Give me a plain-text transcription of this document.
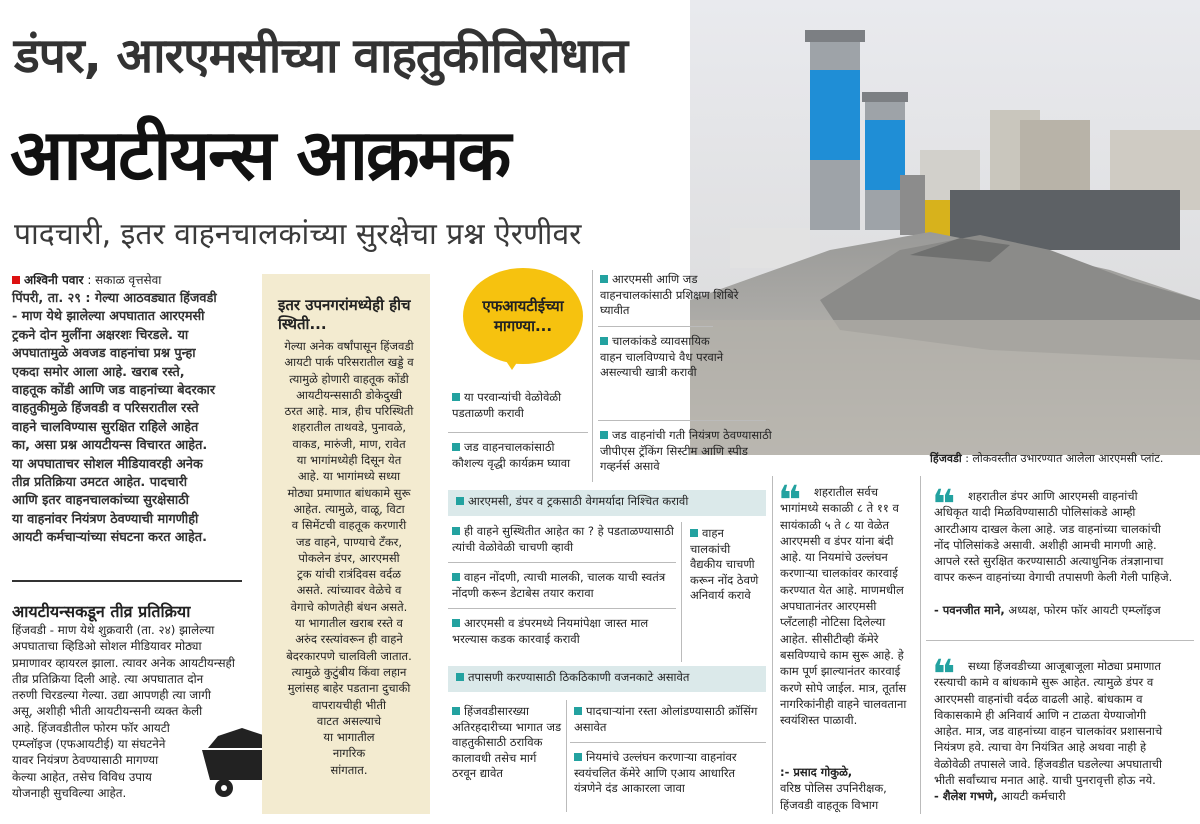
डंपर, आरएमसीच्या वाहतुकीविरोधात
आयटीयन्स आक्रमक
पादचारी, इतर वाहनचालकांच्या सुरक्षेचा प्रश्न ऐरणीवर
हिंजवडी : लोकवस्तीत उभारण्यात आलेला आरएमसी प्लांट.
अश्विनी पवार : सकाळ वृत्तसेवा
पिंपरी, ता. २९ : गेल्या आठवड्यात हिंजवडी
- माण येथे झालेल्या अपघातात आरएमसी
ट्रकने दोन मुलींना अक्षरशः चिरडले. या
अपघातामुळे अवजड वाहनांचा प्रश्न पुन्हा
एकदा समोर आला आहे. खराब रस्ते,
वाहतूक कोंडी आणि जड वाहनांच्या बेदरकार
वाहतुकीमुळे हिंजवडी व परिसरातील रस्ते
वाहने चालविण्यास सुरक्षित राहिले आहेत
का, असा प्रश्न आयटीयन्स विचारत आहेत.
या अपघाताचर सोशल मीडियावरही अनेक
तीव्र प्रतिक्रिया उमटत आहेत. पादचारी
आणि इतर वाहनचालकांच्या सुरक्षेसाठी
या वाहनांवर नियंत्रण ठेवण्याची मागणीही
आयटी कर्मचाऱ्यांच्या संघटना करत आहेत.
आयटीयन्सकडून तीव्र प्रतिक्रिया
हिंजवडी - माण येथे शुक्रवारी (ता. २४) झालेल्या
अपघाताचा व्हिडिओ सोशल मीडियावर मोठ्या
प्रमाणावर व्हायरल झाला. त्यावर अनेक आयटीयन्सही
तीव्र प्रतिक्रिया दिली आहे. त्या अपघातात दोन
तरुणी चिरडल्या गेल्या. उद्या आपणही त्या जागी
असू, अशीही भीती आयटीयन्सनी व्यक्त केली
आहे. हिंजवडीतील फोरम फॉर आयटी
एम्प्लॉइज (एफआयटीई) या संघटनेने
यावर नियंत्रण ठेवण्यासाठी मागण्या
केल्या आहेत, तसेच विविध उपाय
योजनाही सुचविल्या आहेत.
इतर उपनगरांमध्येही हीच स्थिती...
गेल्या अनेक वर्षांपासून हिंजवडी
आयटी पार्क परिसरातील खड्डे व
त्यामुळे होणारी वाहतूक कोंडी
आयटीयन्ससाठी डोकेदुखी
ठरत आहे. मात्र, हीच परिस्थिती
शहरातील ताथवडे, पुनावळे,
वाकड, मारुंजी, माण, रावेत
या भागांमध्येही दिसून येत
आहे. या भागांमध्ये सध्या
मोठ्या प्रमाणात बांधकामे सुरू
आहेत. त्यामुळे, वाळू, विटा
व सिमेंटची वाहतूक करणारी
जड वाहने, पाण्याचे टँकर,
पोकलेन डंपर, आरएमसी
ट्रक यांची रात्रंदिवस वर्दळ
असते. त्यांच्यावर वेळेचे व
वेगाचे कोणतेही बंधन असते.
या भागातील खराब रस्ते व
अरुंद रस्त्यांवरून ही वाहने
बेदरकारपणे चालविली जातात.
त्यामुळे कुटुंबीय किंवा लहान
मुलांसह बाहेर पडताना दुचाकी
वापरायचीही भीती
वाटत असल्याचे
या भागातील
नागरिक
सांगतात.
एफआयटीईच्या
मागण्या...
आरएमसी आणि जड वाहनचालकांसाठी प्रशिक्षण शिबिरे घ्यावीत
चालकांकडे व्यावसायिक वाहन चालविण्याचे वैध परवाने असल्याची खात्री करावी
जड वाहनांची गती नियंत्रण ठेवण्यासाठी जीपीएस ट्रॅकिंग सिस्टीम आणि स्पीड गव्हर्नर्स असावे
या परवान्यांची वेळोवेळी पडताळणी करावी
जड वाहनचालकांसाठी कौशल्य वृद्धी कार्यक्रम घ्यावा
आरएमसी, डंपर व ट्रकसाठी वेगमर्यादा निश्चित करावी
ही वाहने सुस्थितीत आहेत का ? हे पडताळण्यासाठी त्यांची वेळोवेळी चाचणी व्हावी
वाहन नोंदणी, त्याची मालकी, चालक याची स्वतंत्र नोंदणी करून डेटाबेस तयार करावा
आरएमसी व डंपरमध्ये नियमांपेक्षा जास्त माल भरल्यास कडक कारवाई करावी
वाहन चालकांची वैद्यकीय चाचणी करून नोंद ठेवणे अनिवार्य करावे
तपासणी करण्यासाठी ठिकठिकाणी वजनकाटे असावेत
हिंजवडीसारख्या अतिरहदारीच्या भागात जड वाहतुकीसाठी ठराविक कालावधी तसेच मार्ग ठरवून द्यावेत
पादचाऱ्यांना रस्ता ओलांडण्यासाठी क्रॉसिंग असावेत
नियमांचे उल्लंघन करणाऱ्या वाहनांवर स्वयंचलित कॅमेरे आणि एआय आधारित यंत्रणेने दंड आकारला जावा
❝	शहरातील सर्वच भागांमध्ये सकाळी ८ ते ११ व सायंकाळी ५ ते ८ या वेळेत आरएमसी व डंपर यांना बंदी आहे. या नियमांचे उल्लंघन करणाऱ्या चालकांवर कारवाई करण्यात येत आहे. माणमधील अपघातानंतर आरएमसी प्लँटलाही नोटिसा दिलेल्या आहेत. सीसीटीव्ही कॅमेरे बसविण्याचे काम सुरू आहे. हे काम पूर्ण झाल्यानंतर कारवाई करणे सोपे जाईल. मात्र, तूर्तास नागरिकांनीही वाहने चालवताना स्वयंशिस्त पाळावी.
:- प्रसाद गोकुळे,
वरिष्ठ पोलिस उपनिरीक्षक,
हिंजवडी वाहतूक विभाग
❝	शहरातील डंपर आणि आरएमसी वाहनांची अधिकृत यादी मिळविण्यासाठी पोलिसांकडे आम्ही आरटीआय दाखल केला आहे. जड वाहनांच्या चालकांची नोंद पोलिसांकडे असावी. अशीही आमची मागणी आहे. आपले रस्ते सुरक्षित करण्यासाठी अत्याधुनिक तंत्रज्ञानाचा वापर करून वाहनांच्या वेगाची तपासणी केली गेली पाहिजे.
- पवनजीत माने, अध्यक्ष, फोरम फॉर आयटी एम्प्लॉइज
❝	सध्या हिंजवडीच्या आजूबाजूला मोठ्या प्रमाणात रस्त्याची कामे व बांधकामे सुरू आहेत. त्यामुळे डंपर व आरएमसी वाहनांची वर्दळ वाढली आहे. बांधकाम व विकासकामे ही अनिवार्य आणि न टाळता येण्याजोगी आहेत. मात्र, जड वाहनांच्या वाहन चालकांवर प्रशासनाचे नियंत्रण हवे. त्याचा वेग नियंत्रित आहे अथवा नाही हे वेळोवेळी तपासले जावे. हिंजवडीत घडलेल्या अपघाताची भीती सर्वांच्याच मनात आहे. याची पुनरावृत्ती होऊ नये.
- शैलेश गभणे, आयटी कर्मचारी
